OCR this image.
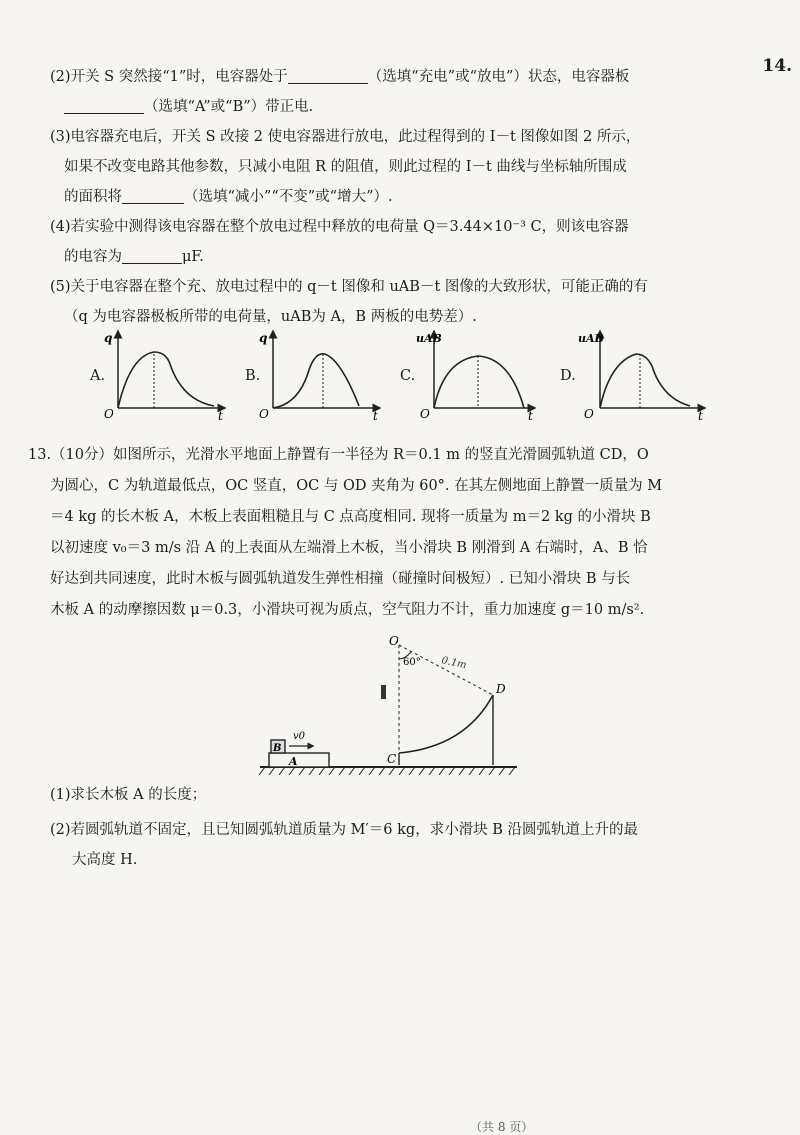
14.
(2)开关 S 突然接“1”时，电容器处于	（选填“充电”或“放电”）状态，电容器板
（选填“A”或“B”）带正电.
(3)电容器充电后，开关 S 改接 2 使电容器进行放电，此过程得到的 I－t 图像如图 2 所示，
如果不改变电路其他参数，只减小电阻 R 的阻值，则此过程的 I－t 曲线与坐标轴所围成
的面积将	（选填“减小”“不变”或“增大”）.
(4)若实验中测得该电容器在整个放电过程中释放的电荷量 Q＝3.44×10⁻³ C，则该电容器
的电容为	μF.
(5)关于电容器在整个充、放电过程中的 q－t 图像和 uAB－t 图像的大致形状，可能正确的有
（q 为电容器极板所带的电荷量，uAB为 A，B 两板的电势差）.
A.
q
O	t
B.
q
O	t
C.
uAB
O	t
D.
uAB
O	t
13.（10分）如图所示，光滑水平地面上静置有一半径为 R＝0.1 m 的竖直光滑圆弧轨道 CD，O
为圆心，C 为轨道最低点，OC 竖直，OC 与 OD 夹角为 60°. 在其左侧地面上静置一质量为 M
＝4 kg 的长木板 A，木板上表面粗糙且与 C 点高度相同. 现将一质量为 m＝2 kg 的小滑块 B
以初速度 v₀＝3 m/s 沿 A 的上表面从左端滑上木板，当小滑块 B 刚滑到 A 右端时，A、B 恰
好达到共同速度，此时木板与圆弧轨道发生弹性相撞（碰撞时间极短）. 已知小滑块 B 与长
木板 A 的动摩擦因数 μ＝0.3，小滑块可视为质点，空气阻力不计，重力加速度 g＝10 m/s².
A
B
v0
O
60° 0.1m
D
C
(1)求长木板 A 的长度；
(2)若圆弧轨道不固定，且已知圆弧轨道质量为 M′＝6 kg，求小滑块 B 沿圆弧轨道上升的最
大高度 H.
（共 8 页）
